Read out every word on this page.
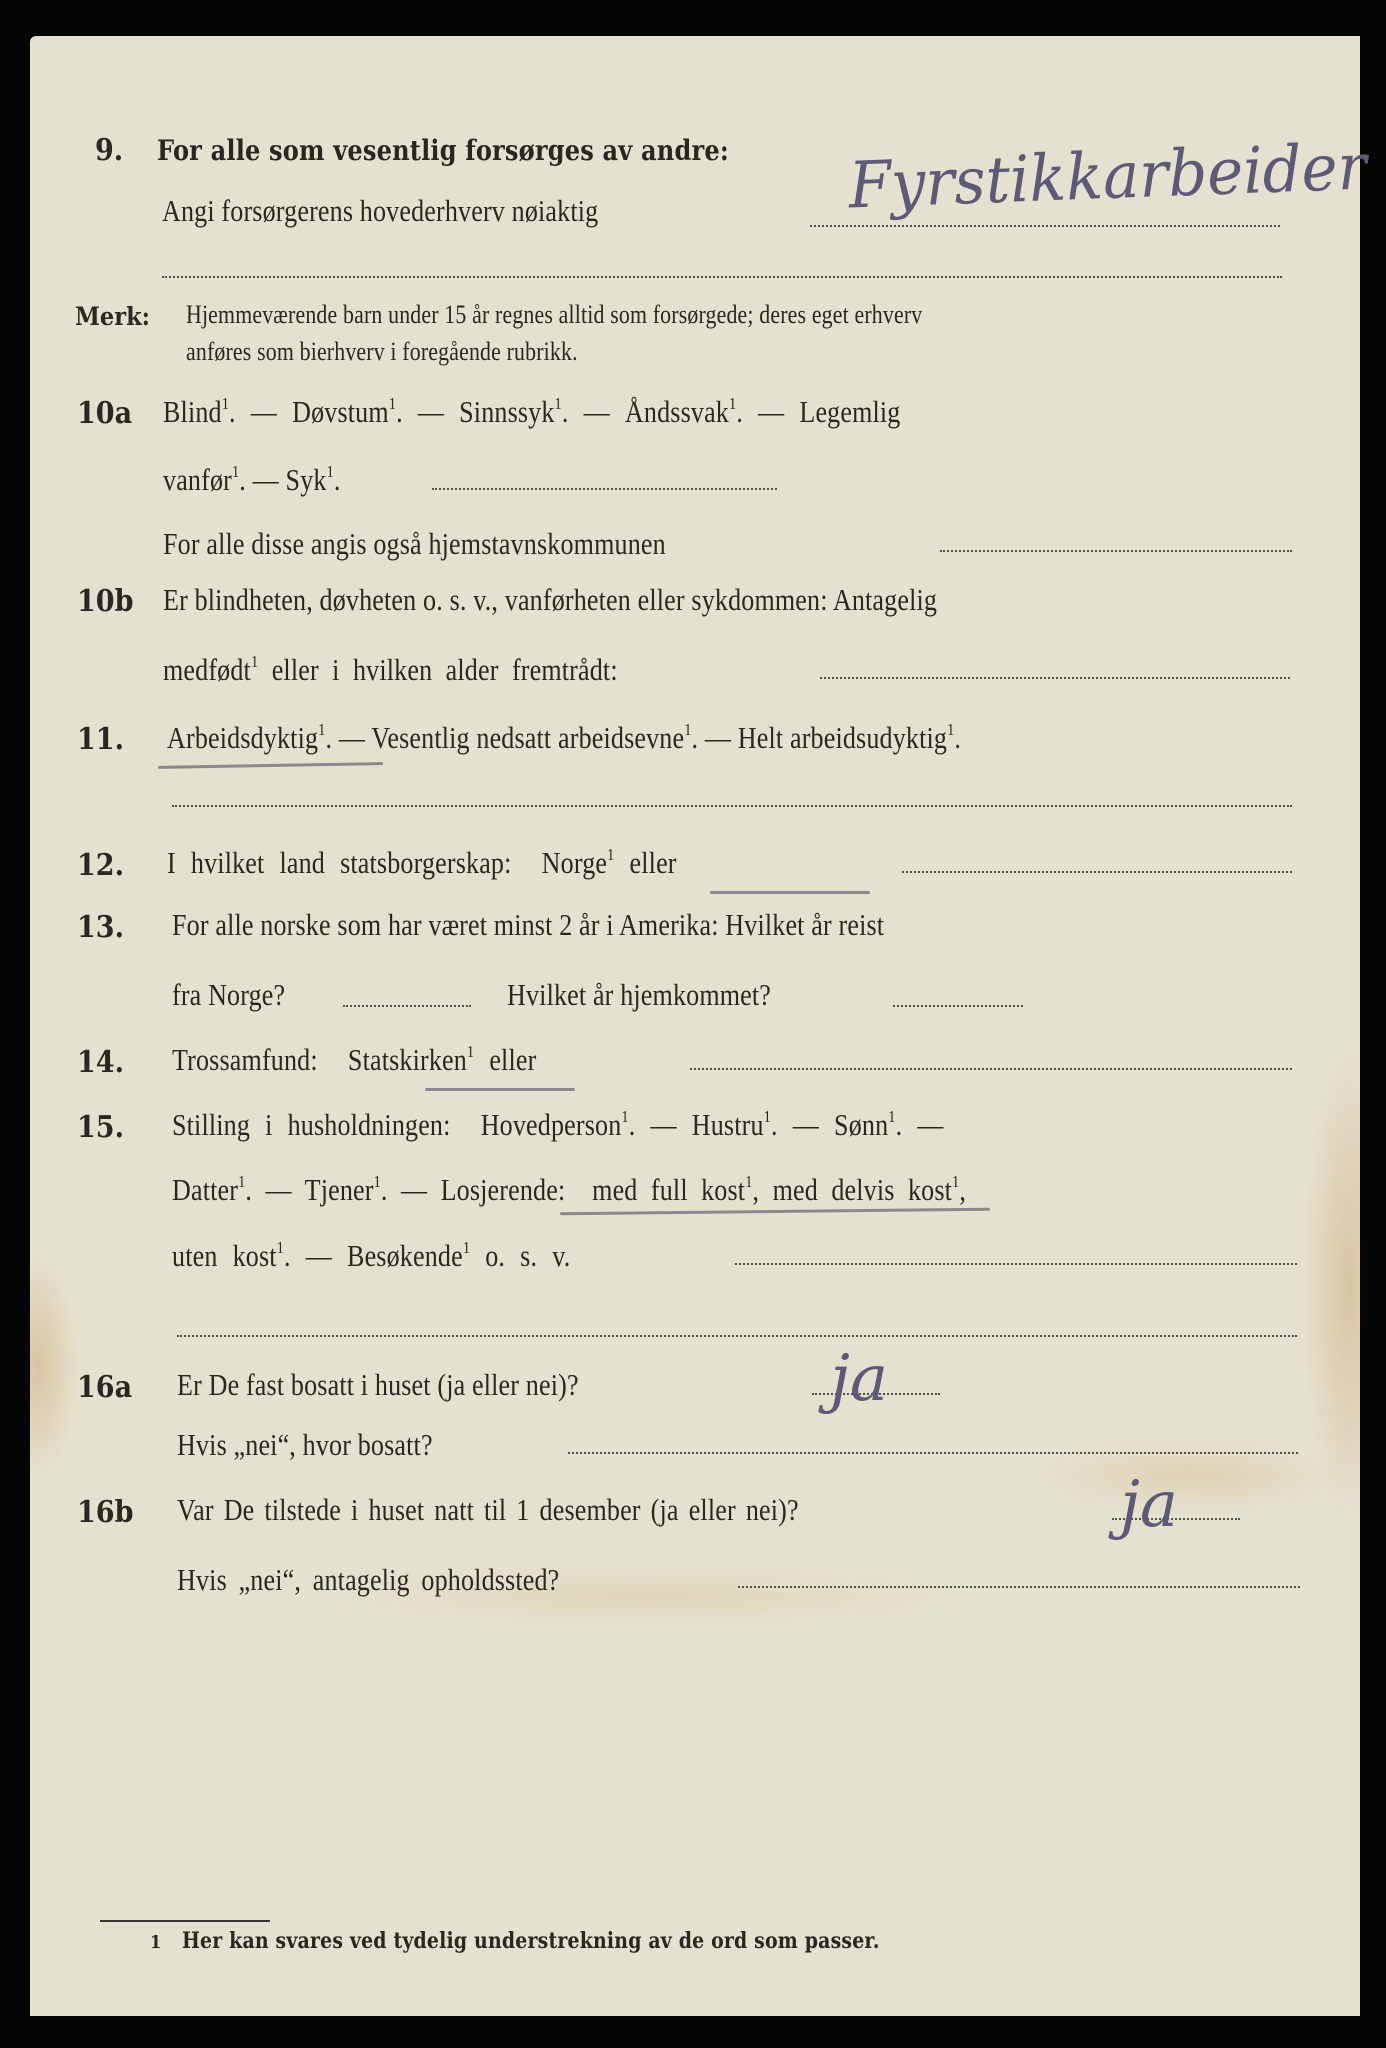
9. For alle som vesentlig forsørges av andre:
Angi forsørgerens hovederhverv nøiaktig	Fyrstikkarbeider
Merk: Hjemmeværende barn under 15 år regnes alltid som forsørgede; deres eget erhverv
anføres som bierhverv i foregående rubrikk.
10a Blind$^1$. — Døvstum$^1$. — Sinnssyk$^1$. — Åndssvak$^1$. — Legemlig
vanfør$^1$. — Syk$^1$.
For alle disse angis også hjemstavnskommunen
10b Er blindheten, døvheten o. s. v., vanførheten eller sykdommen: Antagelig
medfødt$^1$ eller i hvilken alder fremtrådt:
11. Arbeidsdyktig$^1$. — Vesentlig nedsatt arbeidsevne$^1$. — Helt arbeidsudyktig$^1$.
12. I hvilket land statsborgerskap: Norge$^1$ eller
13. For alle norske som har været minst 2 år i Amerika: Hvilket år reist
fra Norge?	Hvilket år hjemkommet?
14. Trossamfund: Statskirken$^1$ eller
15. Stilling i husholdningen: Hovedperson$^1$. — Hustru$^1$. — Sønn$^1$. —
Datter$^1$. — Tjener$^1$. — Losjerende: med full kost$^1$, med delvis kost$^1$,
uten kost$^1$. — Besøkende$^1$ o. s. v.
16a Er De fast bosatt i huset (ja eller nei)?	ja
Hvis „nei“, hvor bosatt?
16b Var De tilstede i huset natt til 1 desember (ja eller nei)?	ja
Hvis „nei“, antagelig opholdssted?
1 Her kan svares ved tydelig understrekning av de ord som passer.
